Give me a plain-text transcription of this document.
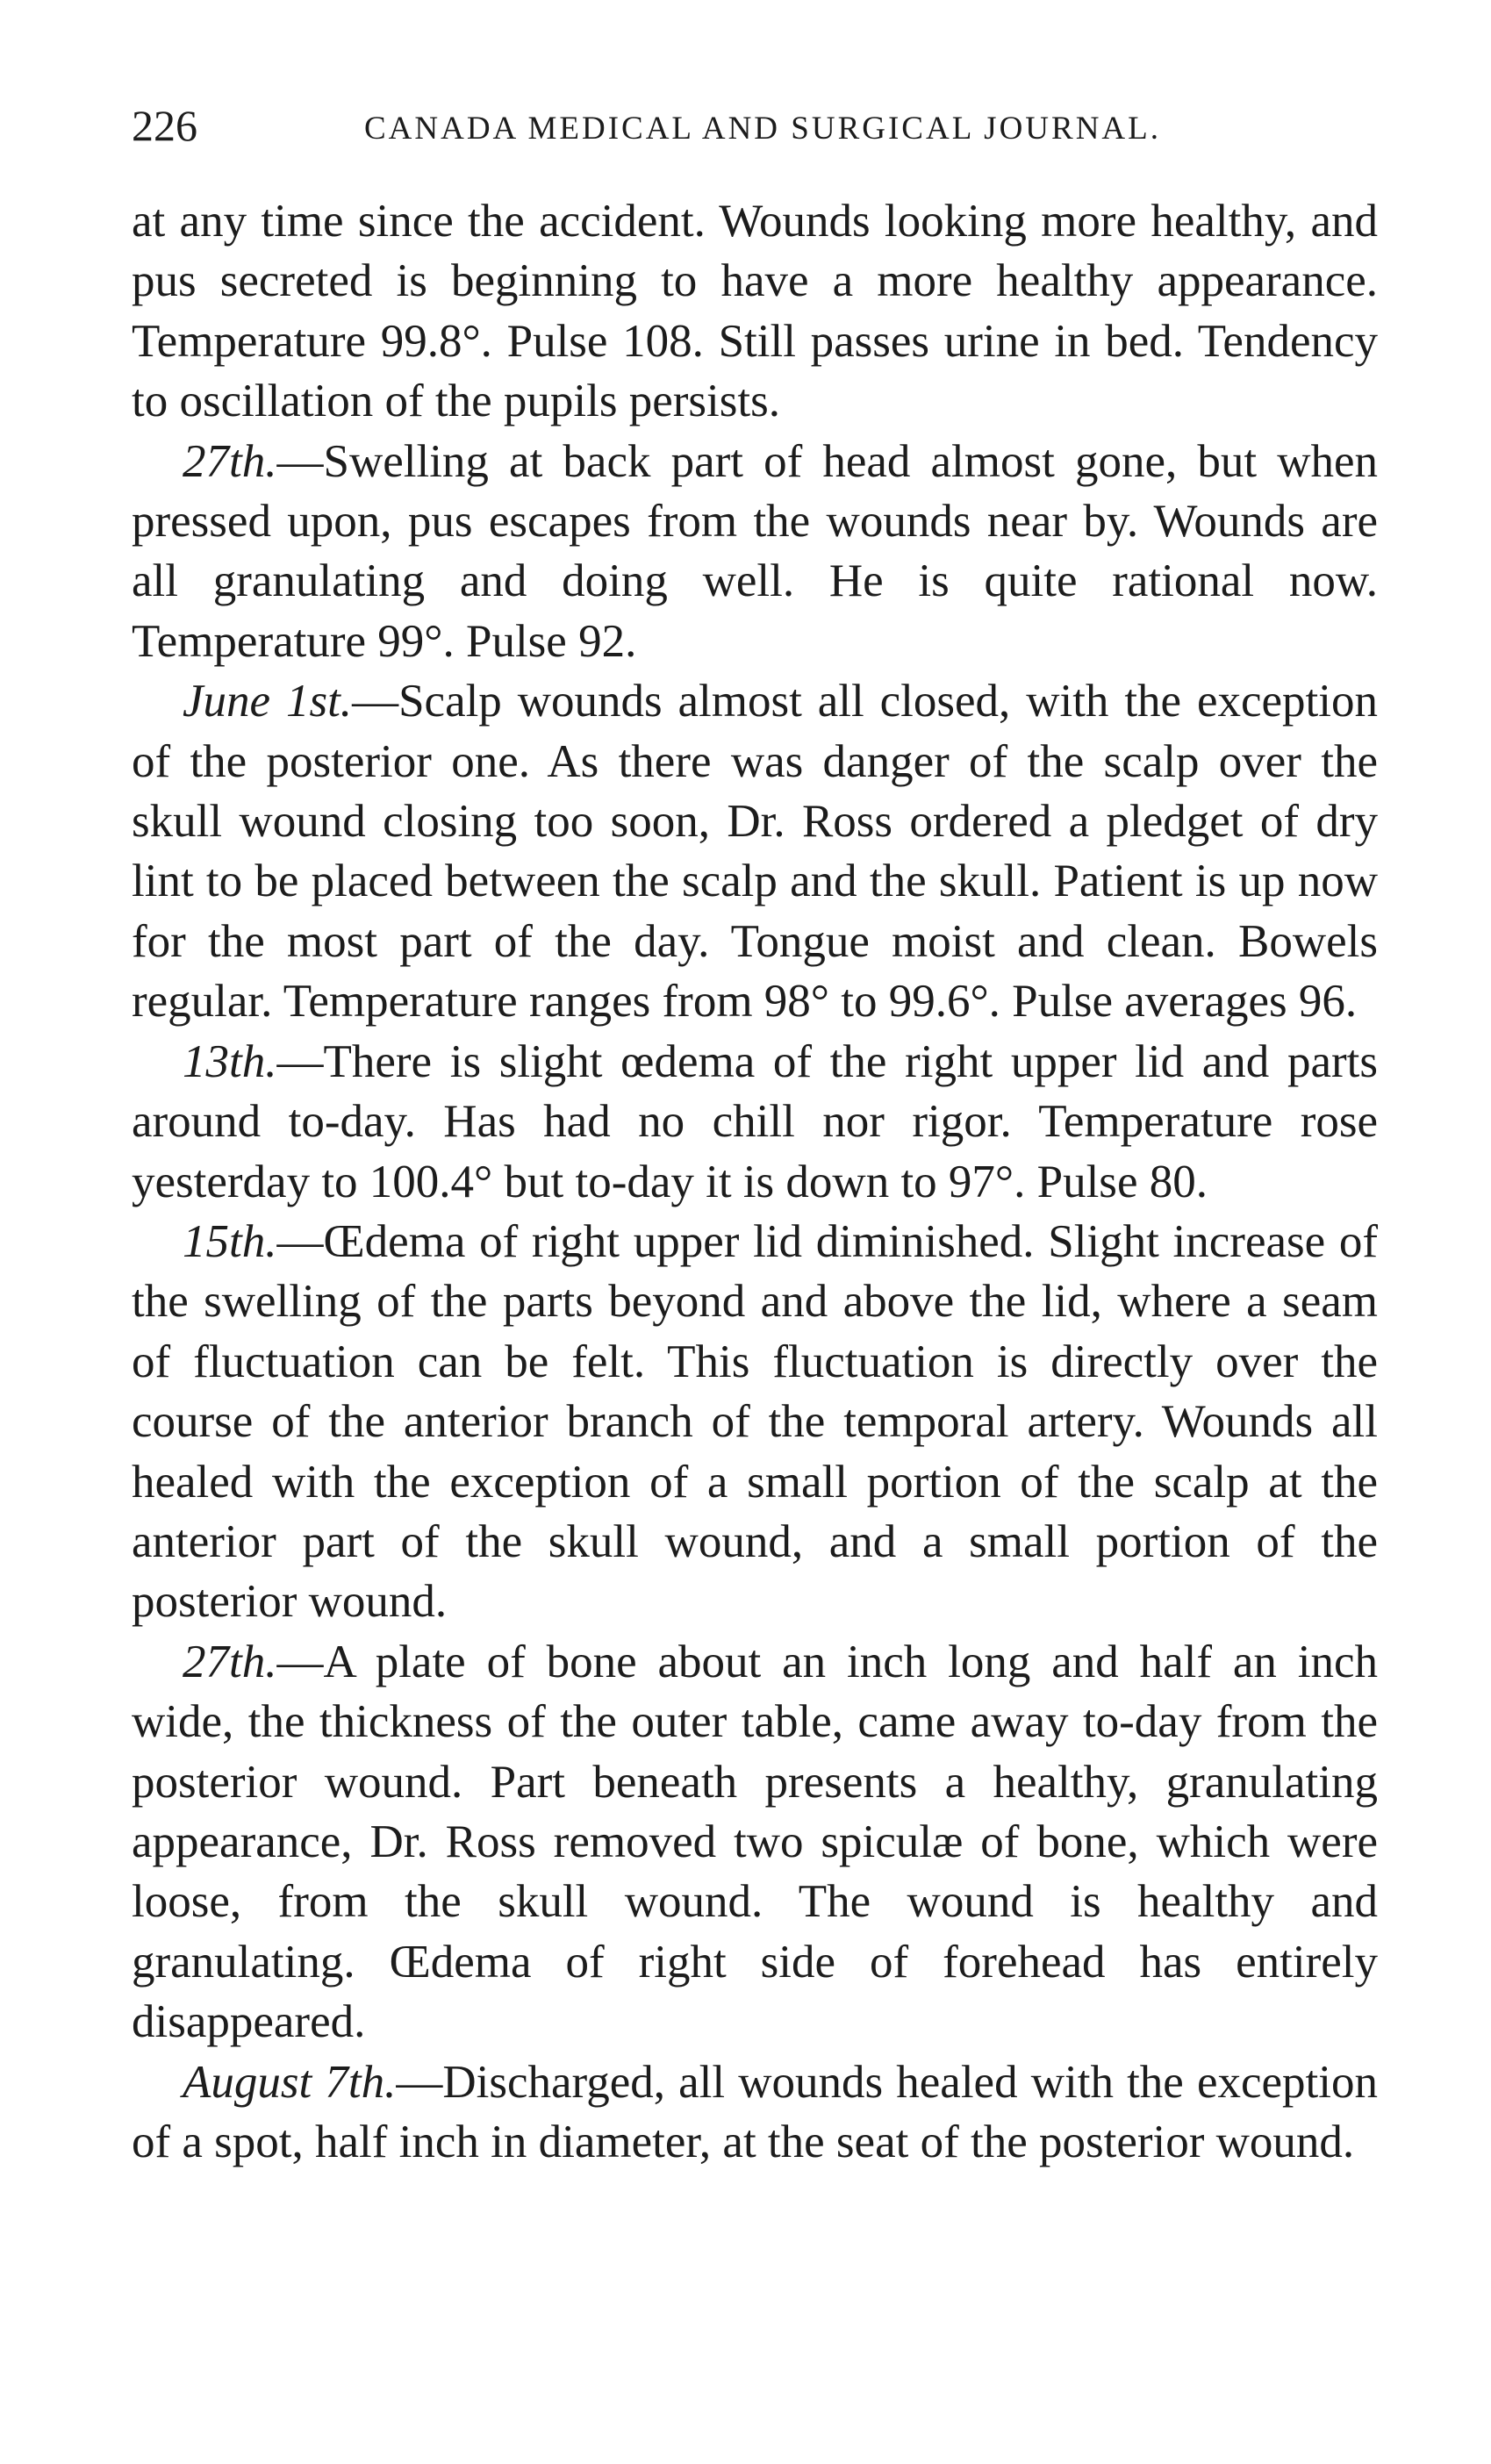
226	CANADA MEDICAL AND SURGICAL JOURNAL.

at any time since the accident. Wounds looking more healthy, and pus secreted is beginning to have a more healthy appearance. Temperature 99.8°. Pulse 108. Still passes urine in bed. Tendency to oscillation of the pupils persists.

27th.—Swelling at back part of head almost gone, but when pressed upon, pus escapes from the wounds near by. Wounds are all granulating and doing well. He is quite rational now. Temperature 99°. Pulse 92.

June 1st.—Scalp wounds almost all closed, with the exception of the posterior one. As there was danger of the scalp over the skull wound closing too soon, Dr. Ross ordered a pledget of dry lint to be placed between the scalp and the skull. Patient is up now for the most part of the day. Tongue moist and clean. Bowels regular. Temperature ranges from 98° to 99.6°. Pulse averages 96.

13th.—There is slight œdema of the right upper lid and parts around to-day. Has had no chill nor rigor. Temperature rose yesterday to 100.4° but to-day it is down to 97°. Pulse 80.

15th.—Œdema of right upper lid diminished. Slight increase of the swelling of the parts beyond and above the lid, where a seam of fluctuation can be felt. This fluctuation is directly over the course of the anterior branch of the temporal artery. Wounds all healed with the exception of a small portion of the scalp at the anterior part of the skull wound, and a small portion of the posterior wound.

27th.—A plate of bone about an inch long and half an inch wide, the thickness of the outer table, came away to-day from the posterior wound. Part beneath presents a healthy, granulating appearance, Dr. Ross removed two spiculæ of bone, which were loose, from the skull wound. The wound is healthy and granulating. Œdema of right side of forehead has entirely disappeared.

August 7th.—Discharged, all wounds healed with the exception of a spot, half inch in diameter, at the seat of the posterior wound.
